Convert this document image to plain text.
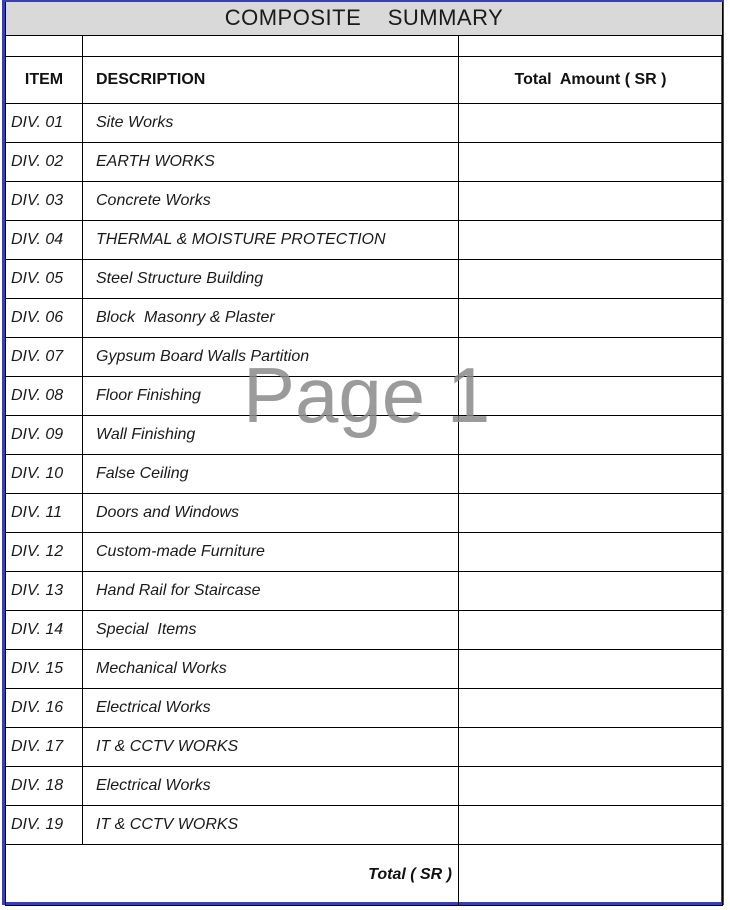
COMPOSITE    SUMMARY		

ITEM	DESCRIPTION	Total  Amount ( SR )
DIV. 01	Site Works	
DIV. 02	EARTH WORKS	
DIV. 03	Concrete Works	
DIV. 04	THERMAL & MOISTURE PROTECTION	
DIV. 05	Steel Structure Building	
DIV. 06	Block  Masonry & Plaster	
DIV. 07	Gypsum Board Walls Partition	
DIV. 08	Floor Finishing	
DIV. 09	Wall Finishing	
DIV. 10	False Ceiling	
DIV. 11	Doors and Windows	
DIV. 12	Custom-made Furniture	
DIV. 13	Hand Rail for Staircase	
DIV. 14	Special  Items	
DIV. 15	Mechanical Works	
DIV. 16	Electrical Works	
DIV. 17	IT & CCTV WORKS	
DIV. 18	Electrical Works	
DIV. 19	IT & CCTV WORKS	
Total ( SR )		
Page 1
